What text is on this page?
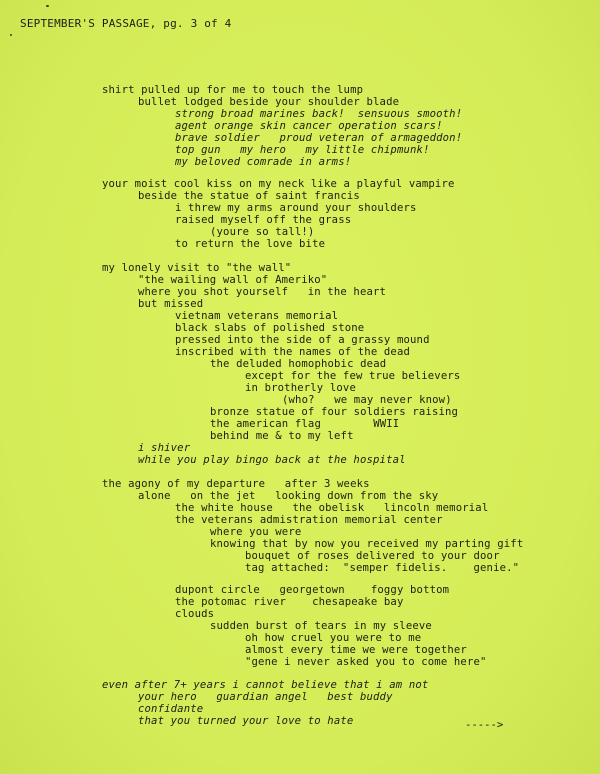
SEPTEMBER'S PASSAGE, pg. 3 of 4
shirt pulled up for me to touch the lump
bullet lodged beside your shoulder blade
strong broad marines back!  sensuous smooth!
agent orange skin cancer operation scars!
brave soldier   proud veteran of armageddon!
top gun   my hero   my little chipmunk!
my beloved comrade in arms!
your moist cool kiss on my neck like a playful vampire
beside the statue of saint francis
i threw my arms around your shoulders
raised myself off the grass
(youre so tall!)
to return the love bite
my lonely visit to "the wall"
"the wailing wall of Ameriko"
where you shot yourself   in the heart
but missed
vietnam veterans memorial
black slabs of polished stone
pressed into the side of a grassy mound
inscribed with the names of the dead
the deluded homophobic dead
except for the few true believers
in brotherly love
(who?   we may never know)
bronze statue of four soldiers raising
the american flag        WWII
behind me & to my left
i shiver
while you play bingo back at the hospital
the agony of my departure   after 3 weeks
alone   on the jet   looking down from the sky
the white house   the obelisk   lincoln memorial
the veterans admistration memorial center
where you were
knowing that by now you received my parting gift
bouquet of roses delivered to your door
tag attached:  "semper fidelis.    genie."
dupont circle   georgetown    foggy bottom
the potomac river    chesapeake bay
clouds
sudden burst of tears in my sleeve
oh how cruel you were to me
almost every time we were together
"gene i never asked you to come here"
even after 7+ years i cannot believe that i am not
your hero   guardian angel   best buddy
confidante
that you turned your love to hate	----->
